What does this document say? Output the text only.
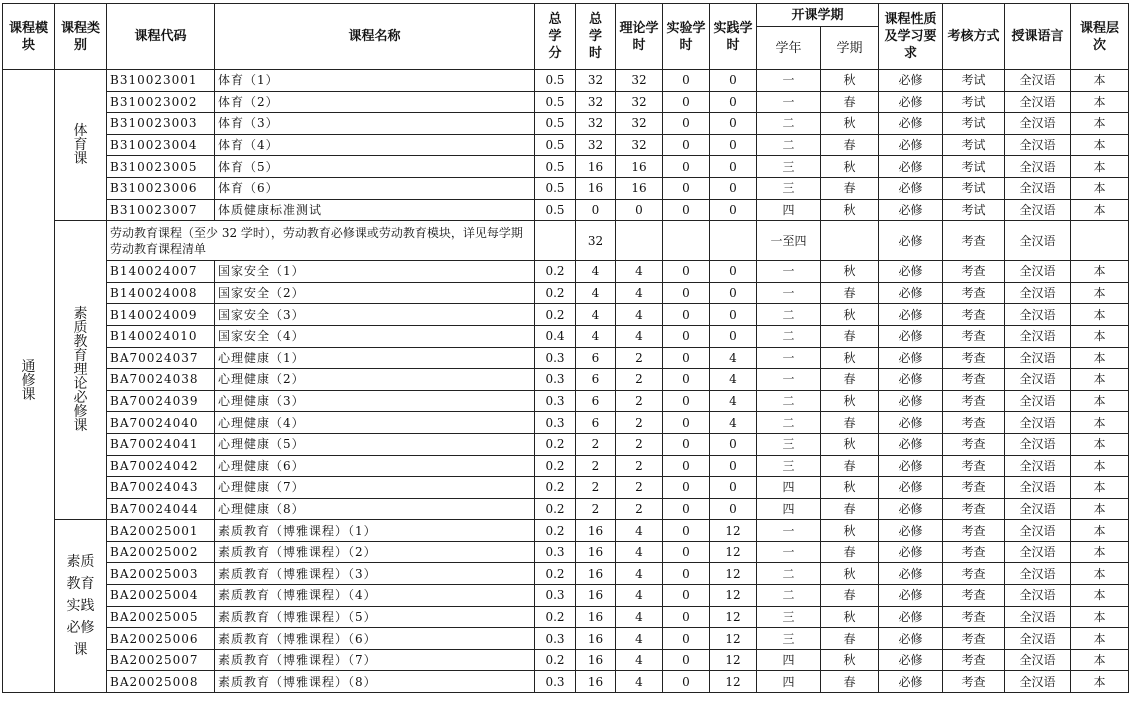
课程模块	课程类别	课程代码	课程名称	总学分	总学时	理论学时	实验学时	实践学时	开课学期		课程性质及学习要求	考核方式	授课语言	课程层次
									学年	学期				
通修课	体育课	B310023001	体育（1）	0.5	32	32	0	0	一	秋	必修	考试	全汉语	本
		B310023002	体育（2）	0.5	32	32	0	0	一	春	必修	考试	全汉语	本
		B310023003	体育（3）	0.5	32	32	0	0	二	秋	必修	考试	全汉语	本
		B310023004	体育（4）	0.5	32	32	0	0	二	春	必修	考试	全汉语	本
		B310023005	体育（5）	0.5	16	16	0	0	三	秋	必修	考试	全汉语	本
		B310023006	体育（6）	0.5	16	16	0	0	三	春	必修	考试	全汉语	本
		B310023007	体质健康标准测试	0.5	0	0	0	0	四	秋	必修	考试	全汉语	本
	素质教育理论必修课	劳动教育课程（至少 32 学时），劳动教育必修课或劳动教育模块，详见每学期劳动教育课程清单			32				一至四		必修	考查	全汉语	
		B140024007	国家安全（1）	0.2	4	4	0	0	一	秋	必修	考查	全汉语	本
		B140024008	国家安全（2）	0.2	4	4	0	0	一	春	必修	考查	全汉语	本
		B140024009	国家安全（3）	0.2	4	4	0	0	二	秋	必修	考查	全汉语	本
		B140024010	国家安全（4）	0.4	4	4	0	0	二	春	必修	考查	全汉语	本
		BA70024037	心理健康（1）	0.3	6	2	0	4	一	秋	必修	考查	全汉语	本
		BA70024038	心理健康（2）	0.3	6	2	0	4	一	春	必修	考查	全汉语	本
		BA70024039	心理健康（3）	0.3	6	2	0	4	二	秋	必修	考查	全汉语	本
		BA70024040	心理健康（4）	0.3	6	2	0	4	二	春	必修	考查	全汉语	本
		BA70024041	心理健康（5）	0.2	2	2	0	0	三	秋	必修	考查	全汉语	本
		BA70024042	心理健康（6）	0.2	2	2	0	0	三	春	必修	考查	全汉语	本
		BA70024043	心理健康（7）	0.2	2	2	0	0	四	秋	必修	考查	全汉语	本
		BA70024044	心理健康（8）	0.2	2	2	0	0	四	春	必修	考查	全汉语	本
	素质教育实践必修课	BA20025001	素质教育（博雅课程）（1）	0.2	16	4	0	12	一	秋	必修	考查	全汉语	本
		BA20025002	素质教育（博雅课程）（2）	0.3	16	4	0	12	一	春	必修	考查	全汉语	本
		BA20025003	素质教育（博雅课程）（3）	0.2	16	4	0	12	二	秋	必修	考查	全汉语	本
		BA20025004	素质教育（博雅课程）（4）	0.3	16	4	0	12	二	春	必修	考查	全汉语	本
		BA20025005	素质教育（博雅课程）（5）	0.2	16	4	0	12	三	秋	必修	考查	全汉语	本
		BA20025006	素质教育（博雅课程）（6）	0.3	16	4	0	12	三	春	必修	考查	全汉语	本
		BA20025007	素质教育（博雅课程）（7）	0.2	16	4	0	12	四	秋	必修	考查	全汉语	本
		BA20025008	素质教育（博雅课程）（8）	0.3	16	4	0	12	四	春	必修	考查	全汉语	本
